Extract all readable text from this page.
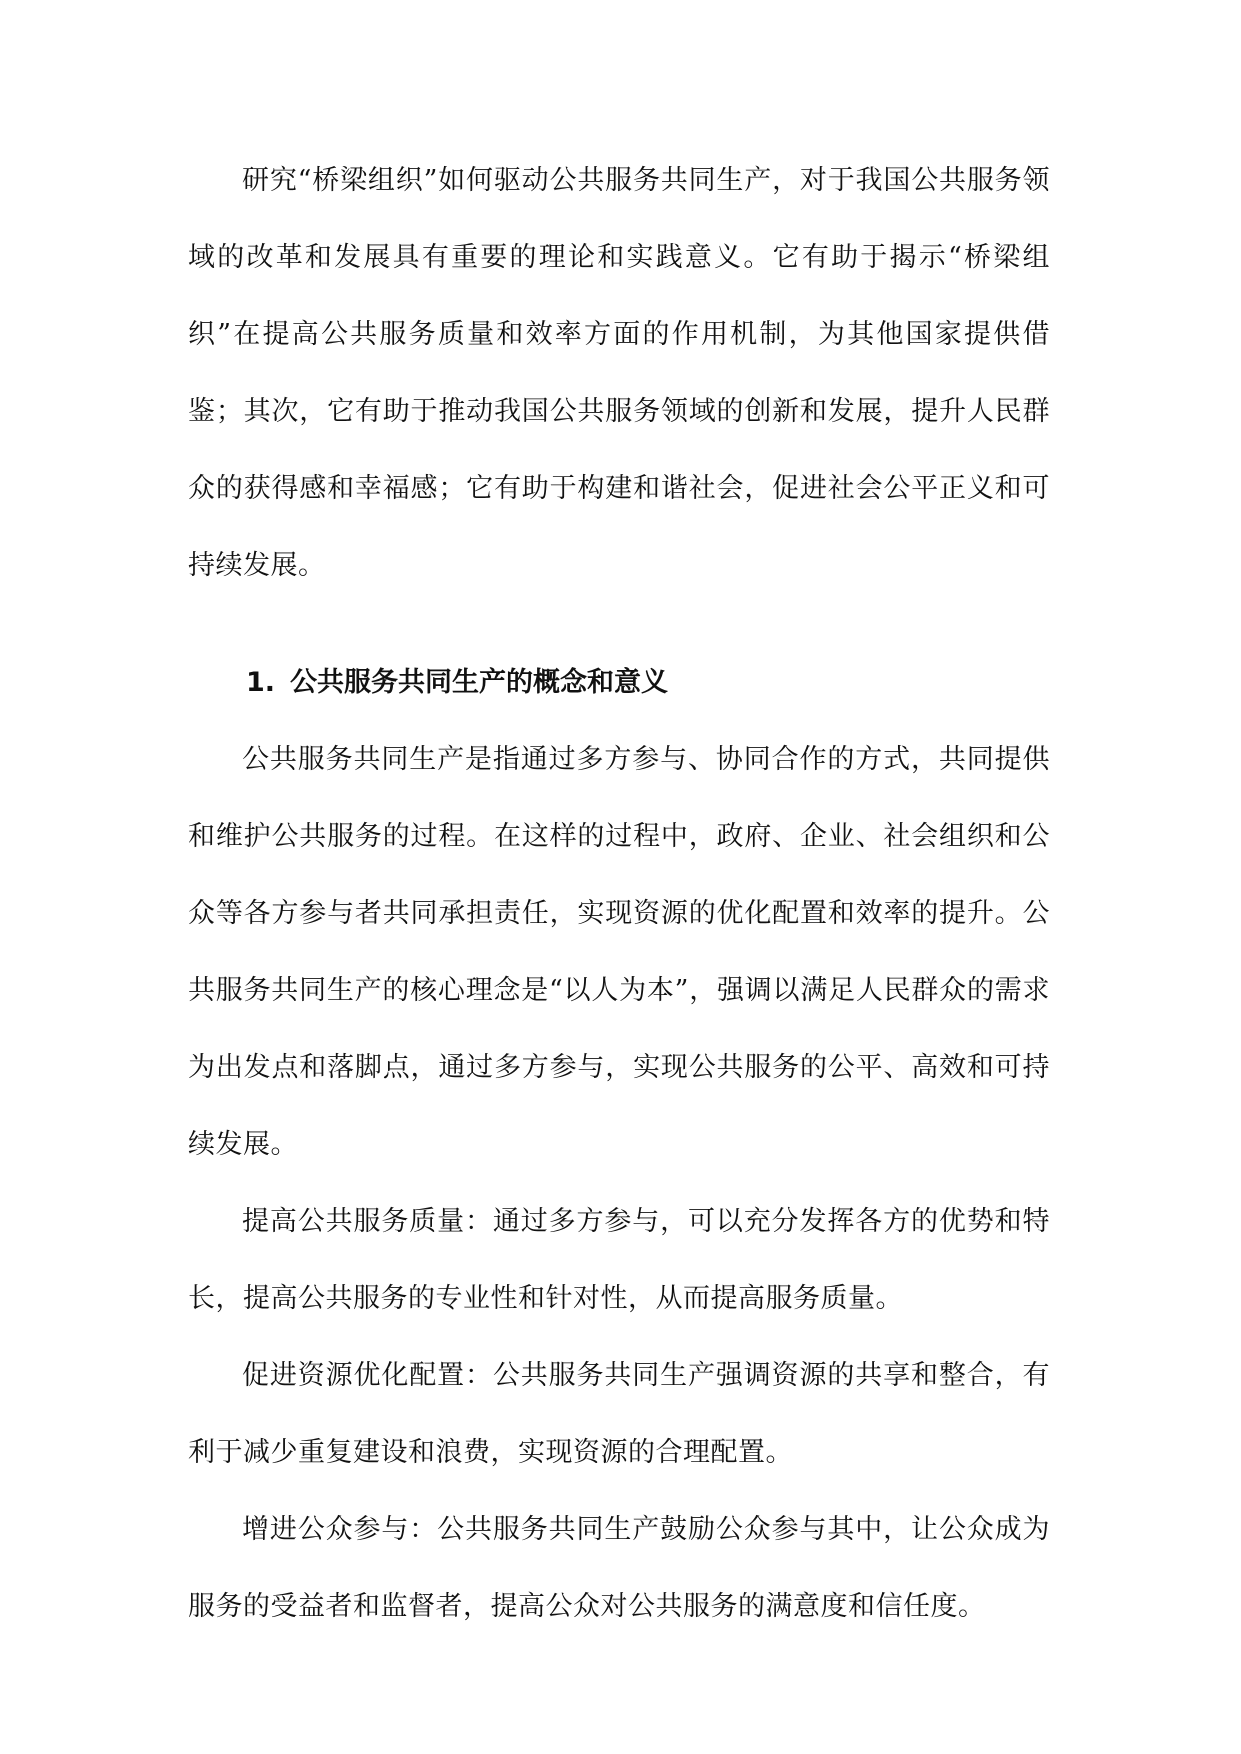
研究“桥梁组织”如何驱动公共服务共同生产，对于我国公共服务领域的改革和发展具有重要的理论和实践意义。它有助于揭示“桥梁组织”在提高公共服务质量和效率方面的作用机制，为其他国家提供借鉴；其次，它有助于推动我国公共服务领域的创新和发展，提升人民群众的获得感和幸福感；它有助于构建和谐社会，促进社会公平正义和可持续发展。

1. 公共服务共同生产的概念和意义

公共服务共同生产是指通过多方参与、协同合作的方式，共同提供和维护公共服务的过程。在这样的过程中，政府、企业、社会组织和公众等各方参与者共同承担责任，实现资源的优化配置和效率的提升。公共服务共同生产的核心理念是“以人为本”，强调以满足人民群众的需求为出发点和落脚点，通过多方参与，实现公共服务的公平、高效和可持续发展。

提高公共服务质量：通过多方参与，可以充分发挥各方的优势和特长，提高公共服务的专业性和针对性，从而提高服务质量。

促进资源优化配置：公共服务共同生产强调资源的共享和整合，有利于减少重复建设和浪费，实现资源的合理配置。

增进公众参与：公共服务共同生产鼓励公众参与其中，让公众成为服务的受益者和监督者，提高公众对公共服务的满意度和信任度。
